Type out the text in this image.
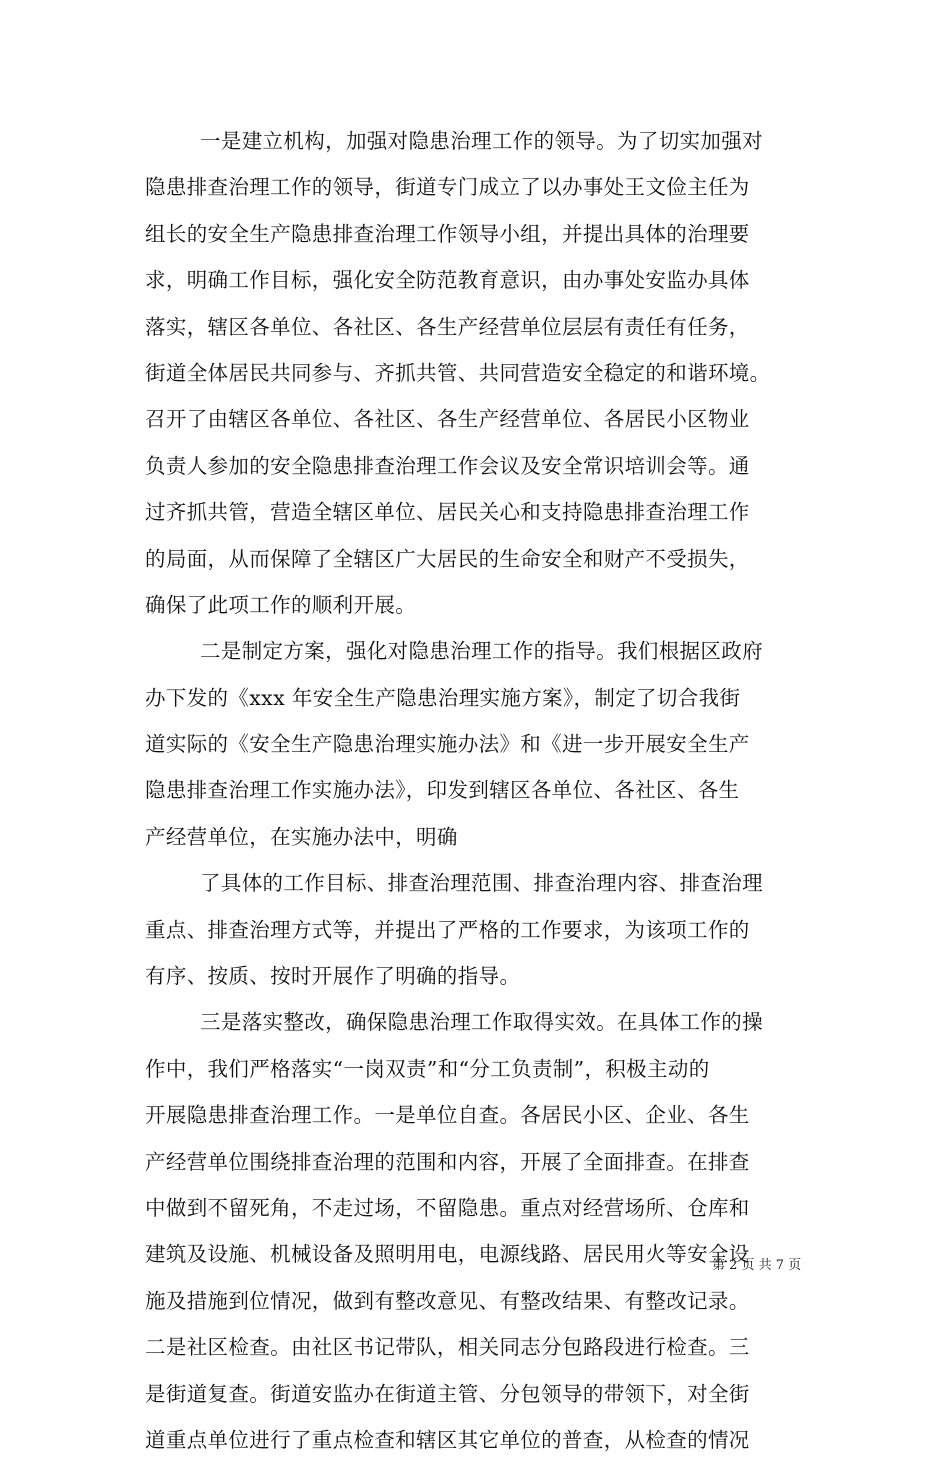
一是建立机构，加强对隐患治理工作的领导。为了切实加强对
隐患排查治理工作的领导，街道专门成立了以办事处王文俭主任为
组长的安全生产隐患排查治理工作领导小组，并提出具体的治理要
求，明确工作目标，强化安全防范教育意识，由办事处安监办具体
落实，辖区各单位、各社区、各生产经营单位层层有责任有任务，
街道全体居民共同参与、齐抓共管、共同营造安全稳定的和谐环境。
召开了由辖区各单位、各社区、各生产经营单位、各居民小区物业
负责人参加的安全隐患排查治理工作会议及安全常识培训会等。通
过齐抓共管，营造全辖区单位、居民关心和支持隐患排查治理工作
的局面，从而保障了全辖区广大居民的生命安全和财产不受损失，
确保了此项工作的顺利开展。
二是制定方案，强化对隐患治理工作的指导。我们根据区政府
办下发的《xxx 年安全生产隐患治理实施方案》，制定了切合我街
道实际的《安全生产隐患治理实施办法》和《进一步开展安全生产
隐患排查治理工作实施办法》，印发到辖区各单位、各社区、各生
产经营单位，在实施办法中，明确
了具体的工作目标、排查治理范围、排查治理内容、排查治理
重点、排查治理方式等，并提出了严格的工作要求，为该项工作的
有序、按质、按时开展作了明确的指导。
三是落实整改，确保隐患治理工作取得实效。在具体工作的操
作中，我们严格落实“一岗双责”和“分工负责制”，积极主动的
开展隐患排查治理工作。一是单位自查。各居民小区、企业、各生
产经营单位围绕排查治理的范围和内容，开展了全面排查。在排查
中做到不留死角，不走过场，不留隐患。重点对经营场所、仓库和
建筑及设施、机械设备及照明用电，电源线路、居民用火等安全设
施及措施到位情况，做到有整改意见、有整改结果、有整改记录。
二是社区检查。由社区书记带队，相关同志分包路段进行检查。三
是街道复查。街道安监办在街道主管、分包领导的带领下，对全街
道重点单位进行了重点检查和辖区其它单位的普查，从检查的情况
第 2 页 共 7 页
